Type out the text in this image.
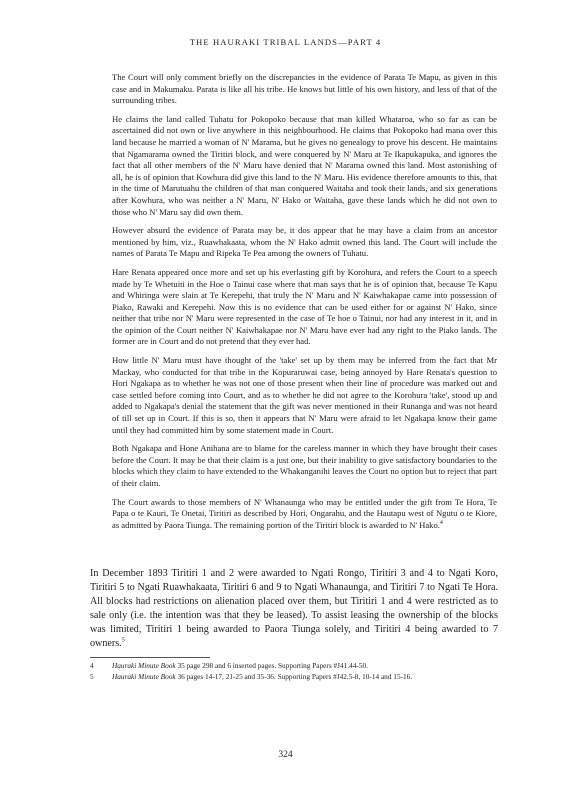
THE HAURAKI TRIBAL LANDS—PART 4

The Court will only comment briefly on the discrepancies in the evidence of Parata Te Mapu, as given in this case and in Makumaku. Parata is like all his tribe. He knows but little of his own history, and less of that of the surrounding tribes.

He claims the land called Tuhatu for Pokopoko because that man killed Whataroa, who so far as can be ascertained did not own or live anywhere in this neighbourhood. He claims that Pokopoko had mana over this land because he married a woman of N' Marama, but he gives no genealogy to prove his descent. He maintains that Ngamarama owned the Tiritiri block, and were conquered by N' Maru at Te Ikapukapuka, and ignores the fact that all other members of the N' Maru have denied that N' Marama owned this land. Most astonishing of all, he is of opinion that Kowhura did give this land to the N' Maru. His evidence therefore amounts to this, that in the time of Marutuahu the children of that man conquered Waitaha and took their lands, and six generations after Kowhura, who was neither a N' Maru, N' Hako or Waitaha, gave these lands which he did not own to those who N' Maru say did own them.

However absurd the evidence of Parata may be, it dos appear that he may have a claim from an ancestor mentioned by him, viz., Ruawhakaata, whom the N' Hako admit owned this land. The Court will include the names of Parata Te Mapu and Ripeka Te Pea among the owners of Tuhatu.

Hare Renata appeared once more and set up his everlasting gift by Korohura, and refers the Court to a speech made by Te Whetuiti in the Hoe o Tainui case where that man says that he is of opinion that, because Te Kapu and Whiringa were slain at Te Kerepehi, that truly the N' Maru and N' Kaiwhakapae came into possession of Piako, Rawaki and Kerepehi. Now this is no evidence that can be used either for or against N' Hako, since neither that tribe nor N' Maru were represented in the case of Te hoe o Tainui, nor had any interest in it, and in the opinion of the Court neither N' Kaiwhakapae nor N' Maru have ever had any right to the Piako lands. The former are in Court and do not pretend that they ever had.

How little N' Maru must have thought of the 'take' set up by them may be inferred from the fact that Mr Mackay, who conducted for that tribe in the Kopuraruwai case, being annoyed by Hare Renata's question to Hori Ngakapa as to whether he was not one of those present when their line of procedure was marked out and case settled before coming into Court, and as to whether he did not agree to the Korohura 'take', stood up and added to Ngakapa's denial the statement that the gift was never mentioned in their Runanga and was not heard of till set up in Court. If this is so, then it appears that N' Maru were afraid to let Ngakapa know their game until they had committed him by some statement made in Court.

Both Ngakapa and Hone Anihana are to blame for the careless manner in which they have brought their cases before the Court. It may be that their claim is a just one, but their inability to give satisfactory boundaries to the blocks which they claim to have extended to the Whakanganihi leaves the Court no option but to reject that part of their claim.

The Court awards to those members of N' Whanaunga who may be entitled under the gift from Te Hora, Te Papa o te Kauri, Te Onetai, Tiritiri as described by Hori, Ongarahu, and the Hautapu west of Ngutu o te Kiore, as admitted by Paora Tiunga. The remaining portion of the Tiritiri block is awarded to N' Hako.$^4$

In December 1893 Tiritiri 1 and 2 were awarded to Ngati Rongo, Tiritiri 3 and 4 to Ngati Koro, Tiritiri 5 to Ngati Ruawhakaata, Tiritiri 6 and 9 to Ngati Whanaunga, and Tiritiri 7 to Ngati Te Hora. All blocks had restrictions on alienation placed over them, but Tiritiri 1 and 4 were restricted as to sale only (i.e. the intention was that they be leased). To assist leasing the ownership of the blocks was limited, Tiritiri 1 being awarded to Paora Tiunga solely, and Tiritiri 4 being awarded to 7 owners.$^5$

4	Hauraki Minute Book 35 page 298 and 6 inserted pages. Supporting Papers #J41.44-50.
5	Hauraki Minute Book 36 pages 14-17, 21-25 and 35-36. Supporting Papers #J42.5-8, 10-14 and 15-16.
324
